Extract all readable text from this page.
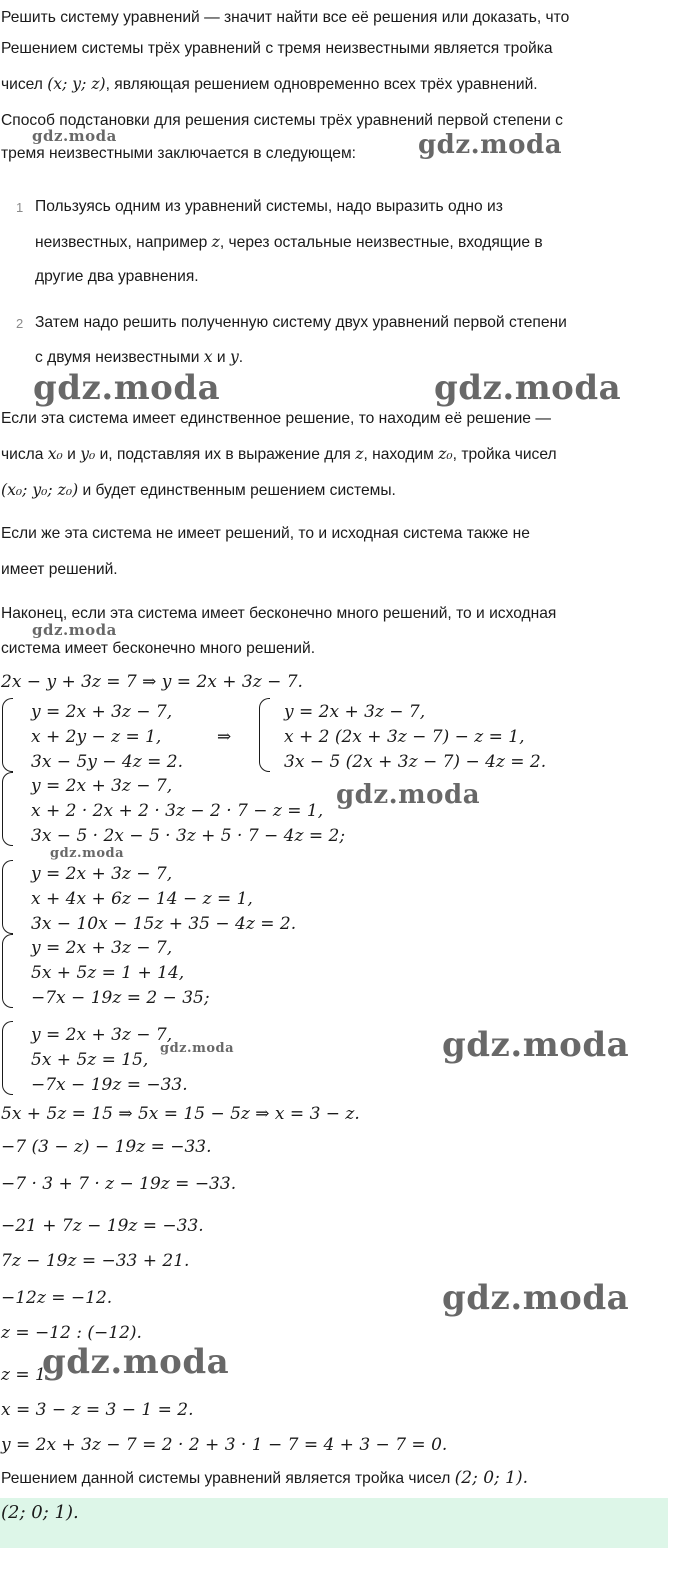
Решить систему уравнений — значит найти все её решения или доказать, что
Решением системы трёх уравнений с тремя неизвестными является тройка
чисел (x; y; z), являющая решением одновременно всех трёх уравнений.
Способ подстановки для решения системы трёх уравнений первой степени с
тремя неизвестными заключается в следующем:
1 Пользуясь одним из уравнений системы, надо выразить одно из
неизвестных, например z, через остальные неизвестные, входящие в
другие два уравнения.
2 Затем надо решить полученную систему двух уравнений первой степени
с двумя неизвестными x и y.
Если эта система имеет единственное решение, то находим её решение —
числа x₀ и y₀ и, подставляя их в выражение для z, находим z₀, тройка чисел
(x₀; y₀; z₀) и будет единственным решением системы.
Если же эта система не имеет решений, то и исходная система также не
имеет решений.
Наконец, если эта система имеет бесконечно много решений, то и исходная
система имеет бесконечно много решений.
2x − y + 3z = 7 ⇒ y = 2x + 3z − 7.
y = 2x + 3z − 7,
x + 2y − z = 1,
3x − 5y − 4z = 2.
⇒
y = 2x + 3z − 7,
x + 2 (2x + 3z − 7) − z = 1,
3x − 5 (2x + 3z − 7) − 4z = 2.
y = 2x + 3z − 7,
x + 2 · 2x + 2 · 3z − 2 · 7 − z = 1,
3x − 5 · 2x − 5 · 3z + 5 · 7 − 4z = 2;
y = 2x + 3z − 7,
x + 4x + 6z − 14 − z = 1,
3x − 10x − 15z + 35 − 4z = 2.
y = 2x + 3z − 7,
5x + 5z = 1 + 14,
−7x − 19z = 2 − 35;
y = 2x + 3z − 7,
5x + 5z = 15,
−7x − 19z = −33.
5x + 5z = 15 ⇒ 5x = 15 − 5z ⇒ x = 3 − z.
−7 (3 − z) − 19z = −33.
−7 · 3 + 7 · z − 19z = −33.
−21 + 7z − 19z = −33.
7z − 19z = −33 + 21.
−12z = −12.
z = −12 : (−12).
z = 1.
x = 3 − z = 3 − 1 = 2.
y = 2x + 3z − 7 = 2 · 2 + 3 · 1 − 7 = 4 + 3 − 7 = 0.
Решением данной системы уравнений является тройка чисел (2; 0; 1).
(2; 0; 1).
gdz.moda	gdz.moda
gdz.moda	gdz.moda
gdz.moda
gdz.moda
gdz.moda
gdz.moda	gdz.moda
gdz.moda
gdz.moda
